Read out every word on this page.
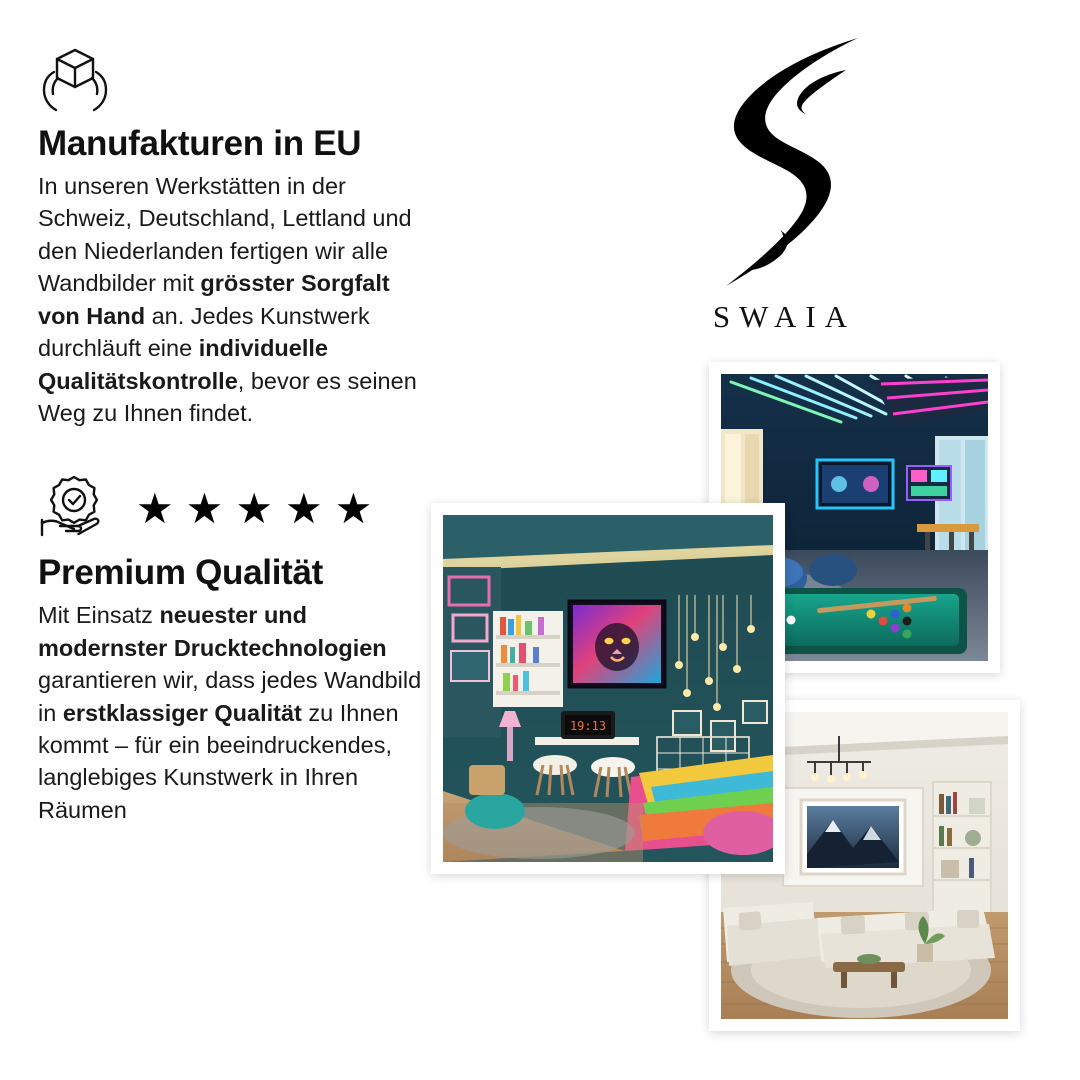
Manufakturen in EU
In unseren Werkstätten in der Schweiz, Deutschland, Lettland und den Niederlanden fertigen wir alle Wandbilder mit grösster Sorgfalt von Hand an. Jedes Kunstwerk durchläuft eine individuelle Qualitätskontrolle, bevor es seinen Weg zu Ihnen findet.
★ ★ ★ ★ ★
Premium Qualität
Mit Einsatz neuester und modernster Drucktechnologien garantieren wir, dass jedes Wandbild in erstklassiger Qualität zu Ihnen kommt – für ein beeindruckendes, langlebiges Kunstwerk in Ihren Räumen
SWAIA
19:13
